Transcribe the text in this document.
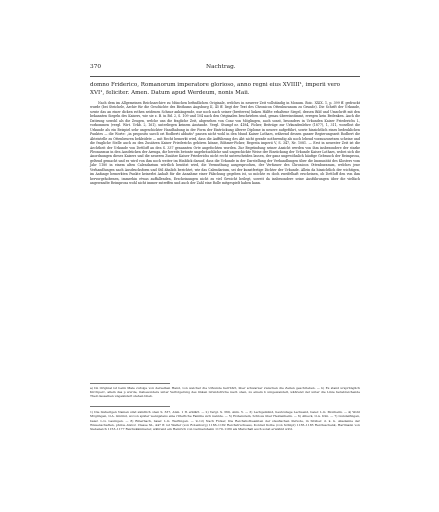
370	Nachtrag.
domno Friderico, Romanorum imperatore glorioso, anno regni eius XVIIII¹, imperii vero
XVI¹, feliciter. Amen. Datum apud Werdeum, nonis Maii.

Nach dem im Allgemeinen Reichsarchive zu München befindlichen Originale, welches in neuerer Zeit vollständig in Monum. Boic. XXIX. 1, p. 399 ff. gedruckt wurde (bei Steichele, Archiv für die Geschichte des Bisthums Augsburg II, 45 ff. liegt der Text des Chronicon Ottenburanum zu Grunde). Die Schrift der Urkunde, sowie das an einer dicken rothen seidenen Schnur anhängende, nur noch nach seiner (breiteren) linken Hälfte erhaltene Siegel, dessen Bild und Umschrift mit den bekannten Siegeln des Kaisers, wie sie z. B. in Bd. 2, S. 109 und 104 nach den Originalen beschrieben sind, genau übereinstimmt, erregen kein Bedenken. Auch die Datirung sowohl als die Zeugen, welche uns die fragliche Zeit, abgesehen von Conz von Möglingen, auch sonst, besonders in Urkunden Kaiser Friederichs I., vorkommen (vergl. Wirt. Urkb. 2, 161), unterliegen keinem Anstande. Vergl. Stumpf nr. 4184, Ficker, Beiträge zur Urkundenlehre (1877), 1, 311, woselbst die Urkunde als ein Beispiel sehr ungeschickter Handhabung in der Form der Eintrückung älterer Diplome in neuere aufgeführt, sowie hinsichtlich eines bedenklichen Punktes — die Worte: „in proposito saecli ori Rodberti abbatis" passen nicht wohl in den Mund Kaiser Lothars, während dessen ganzer Regierungszeit Rodbert die Abteistelle zu Ottenbeuren bekleidete — mit Recht bemerkt wird, dass die Aufführung des Abt nicht gerade nothwendig als noch lebend vorauszusetzen scheine und die fragliche Stelle auch zu den Zusätzen Kaiser Friederichs gehören könne, Böhmer-Ficker, Regesta imperii V, S. 347, Nr. 1081. — Erst in neuester Zeit ist die Aechtheit der Urkunde von Dettloff an den S. 337 genannten Orte angefochten worden. Zur Begründung seiner Ansicht werden von ihm insbesondere der starke Pleonasmus in den Ausdrücken der Arenga, die bereits betonte ungebräuchliche und ungeschickte Weise der Einrückung der Urkunde Kaiser Lothars, wobei sich die Anordnungen dieses Kaisers und die neueren Zusätze Kaiser Friederichs nicht recht unterscheiden lassen, der ganz ungewöhnlich häufige Gebrauch der Reimprosa, geltend gemacht und es wird von ihm noch weiter im Hinblick darauf, dass die Urkunde in der Darstellung der Verhandlungen über die Immunität des Klosters vom Jahr 1180 in einem alten Calendarium wörtlich benützt wird, die Vermuthung ausgesprochen, der Verfasser des Chronicon Ottenburanum, welches jene Verhandlungen nach Ausdrucksform und Stil ähnlich berichtet, wie das Calendarium, sei der kunstfertige Dichter der Urkunde. Allein da hinsichtlich der wichtigen, im Anfange bemerkten Punkte keinerlei Anhalt für die Annahme einer Fälschung gegeben ist, so möchte es doch zweifelhaft erscheinen, ob Dettloff den von ihm hervorgehobenen, immerhin etwas auffallenden, Erscheinungen nicht zu viel Gewicht beilegt, soweit da insbesondere seine Ausführungen über die vielfach angewandte Reimprosa wohl nicht immer zutreffen und auch der Zahl eine Rolle mitgespielt haben kann.

a) Im Original ist beim Male zufolge von derselben Hand, von welcher die Urkunde herrührt, über schwarzer zwischen die Zeilen geschrieben. — b) Es stand ursprünglich Kirchperc, allein das p wurde, insbesondere unter Verfolgerung des linken Grundstriche nach oben, zu einem b umgewandelt, während der unter die Linie herabreichende Theil desselben ungeändert stehen blieb.

1) Die bisherigen Namen sind sämtlich oben S. 337, Anm. 1 ff. erklärt. — 2) Vergl. S. 369, Anm. 5. — 3) Lechgemünd, heutzutage Lechsend, baier. L.G. Monheim. — 4) Wohl Möglingen, O.A. Gmünd, wovon später wenigstens eine ritterliche Familie sich nannte. — 5) Hohenstein, Schloss über Heidenheim. — 6) Albeck, O.A. Ulm. — 7) Gundelfingen, baier. L.G. Lauingen. — 8) Biberbach, baier. L.G. Wertingen. — 9–12) Nach Ficker, Die Reichshofbeamten der staufischen Periode, in Sitzber. d. k. k. Akademie der Wissenschaften, philos.-histor. Classe XL, 447 ff. ist Walter (von Rotenburg) 1166–1182 Reichstruchsess, Konrad Kolbe (von Schüpf) 1165–1183 Reichsschenk, Hartmann von Siebeneich 1153–1177 Reichskämmerer, während ein Heinrich von Germersheim 1170–1180 als Marschall auch sonst erwähnt wird.
